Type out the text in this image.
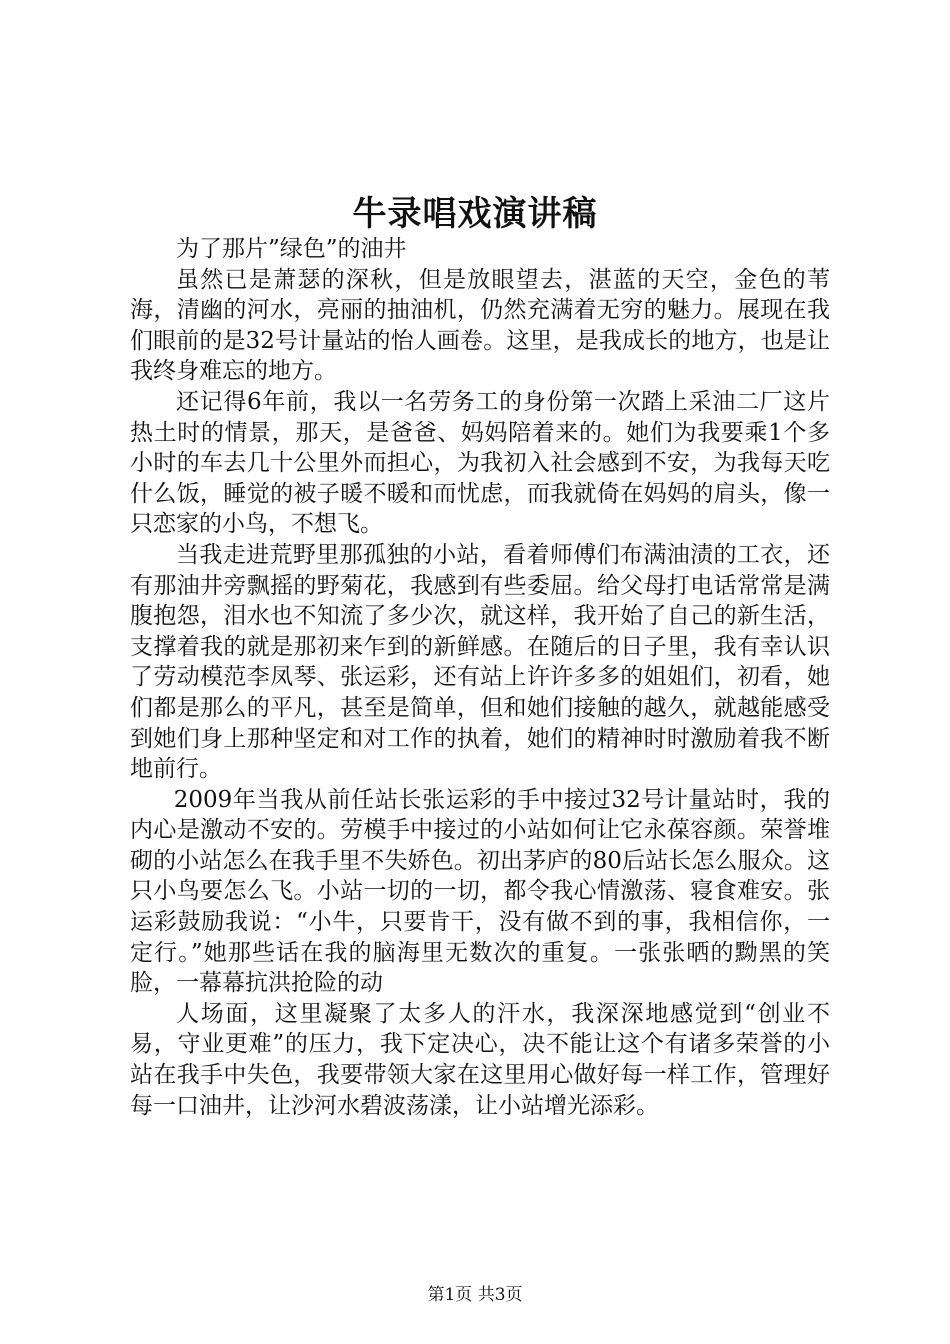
牛录唱戏演讲稿

为了那片”绿色”的油井

虽然已是萧瑟的深秋，但是放眼望去，湛蓝的天空，金色的苇海，清幽的河水，亮丽的抽油机，仍然充满着无穷的魅力。展现在我们眼前的是32号计量站的怡人画卷。这里，是我成长的地方，也是让我终身难忘的地方。

还记得6年前，我以一名劳务工的身份第一次踏上采油二厂这片热土时的情景，那天，是爸爸、妈妈陪着来的。她们为我要乘1个多小时的车去几十公里外而担心，为我初入社会感到不安，为我每天吃什么饭，睡觉的被子暖不暖和而忧虑，而我就倚在妈妈的肩头，像一只恋家的小鸟，不想飞。

当我走进荒野里那孤独的小站，看着师傅们布满油渍的工衣，还有那油井旁飘摇的野菊花，我感到有些委屈。给父母打电话常常是满腹抱怨，泪水也不知流了多少次，就这样，我开始了自己的新生活，支撑着我的就是那初来乍到的新鲜感。在随后的日子里，我有幸认识了劳动模范李凤琴、张运彩，还有站上许许多多的姐姐们，初看，她们都是那么的平凡，甚至是简单，但和她们接触的越久，就越能感受到她们身上那种坚定和对工作的执着，她们的精神时时激励着我不断地前行。

2009年当我从前任站长张运彩的手中接过32号计量站时，我的内心是激动不安的。劳模手中接过的小站如何让它永葆容颜。荣誉堆砌的小站怎么在我手里不失娇色。初出茅庐的80后站长怎么服众。这只小鸟要怎么飞。小站一切的一切，都令我心情激荡、寝食难安。张运彩鼓励我说：“小牛，只要肯干，没有做不到的事，我相信你，一定行。”她那些话在我的脑海里无数次的重复。一张张晒的黝黑的笑脸，一幕幕抗洪抢险的动

人场面，这里凝聚了太多人的汗水，我深深地感觉到“创业不易，守业更难”的压力，我下定决心，决不能让这个有诸多荣誉的小站在我手中失色，我要带领大家在这里用心做好每一样工作，管理好每一口油井，让沙河水碧波荡漾，让小站增光添彩。

第1页 共3页
